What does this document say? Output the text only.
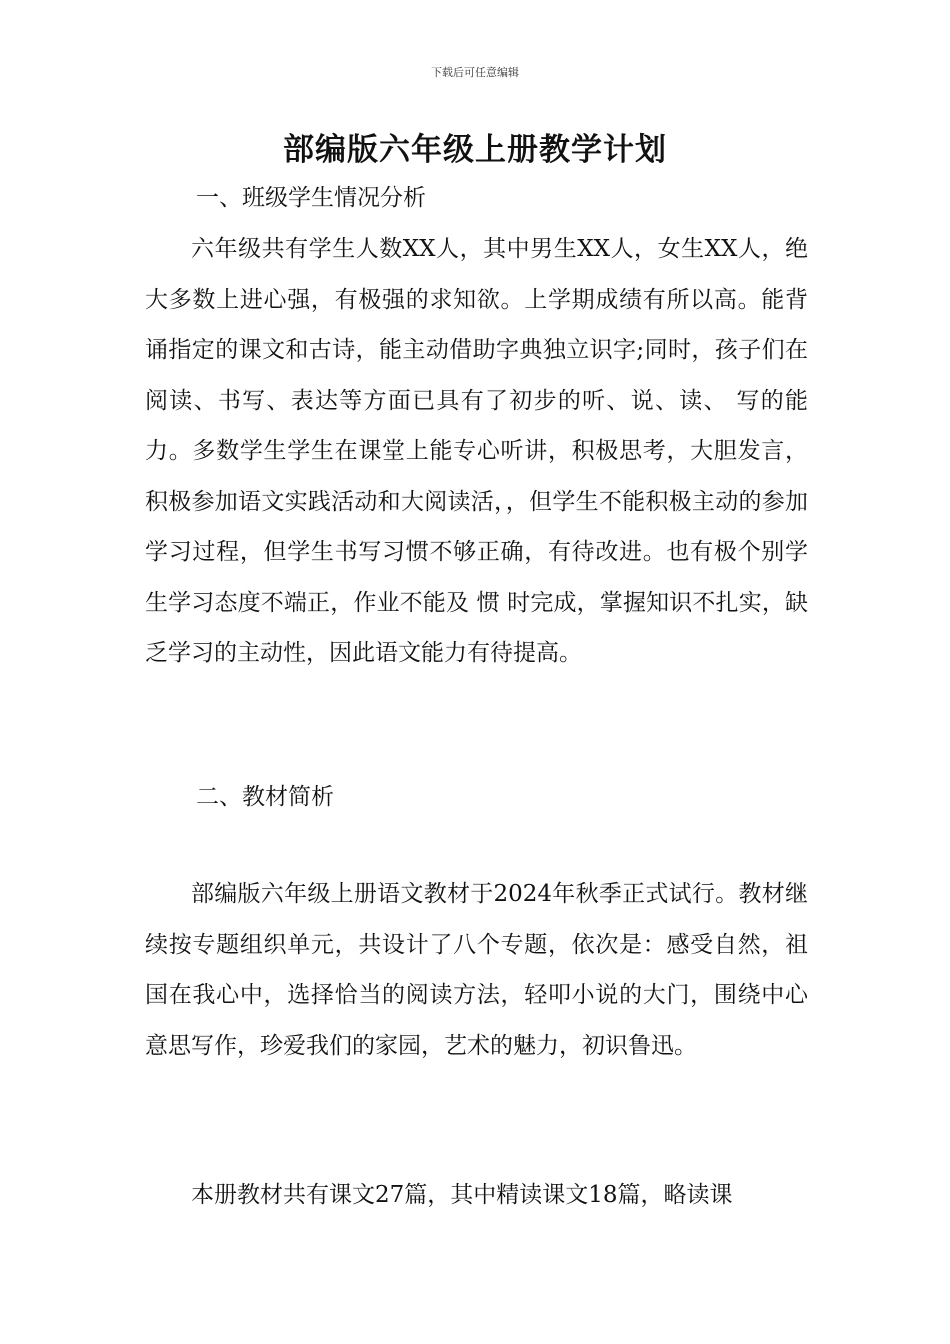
下载后可任意编辑
部编版六年级上册教学计划
一、班级学生情况分析

六年级共有学生人数XX人，其中男生XX人，女生XX人，绝大多数上进心强，有极强的求知欲。上学期成绩有所以高。能背诵指定的课文和古诗，能主动借助字典独立识字;同时，孩子们在阅读、书写、表达等方面已具有了初步的听、说、读、 写的能力。多数学生学生在课堂上能专心听讲，积极思考，大胆发言，积极参加语文实践活动和大阅读活，，但学生不能积极主动的参加学习过程，但学生书写习惯不够正确，有待改进。也有极个别学生学习态度不端正，作业不能及 惯 时完成，掌握知识不扎实，缺乏学习的主动性，因此语文能力有待提高。

二、教材简析

部编版六年级上册语文教材于2024年秋季正式试行。教材继续按专题组织单元，共设计了八个专题，依次是：感受自然，祖国在我心中，选择恰当的阅读方法，轻叩小说的大门，围绕中心意思写作，珍爱我们的家园，艺术的魅力，初识鲁迅。

本册教材共有课文27篇，其中精读课文18篇，略读课
